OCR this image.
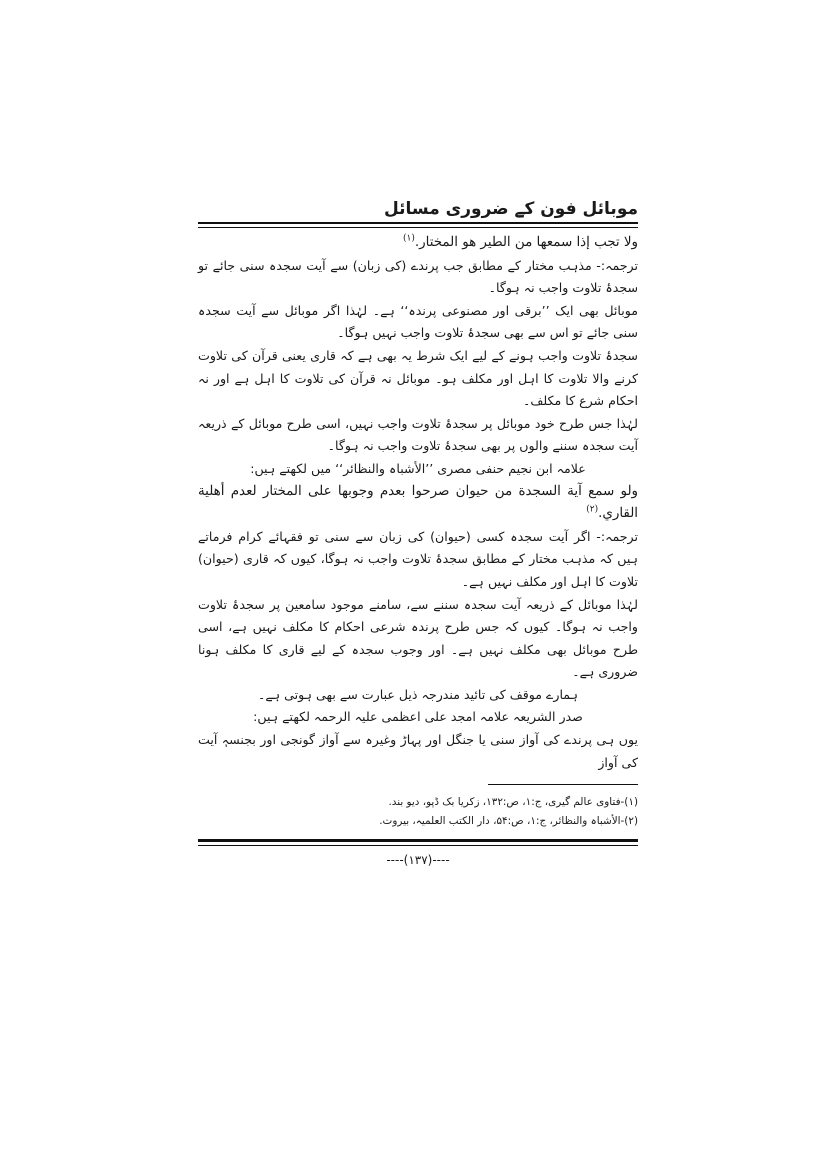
موبائل فون کے ضروری مسائل

ولا تجب إذا سمعها من الطیر هو المختار.$^{(۱)}$

ترجمہ:- مذہب مختار کے مطابق جب پرندے (کی زبان) سے آیت سجدہ سنی جائے تو سجدۂ تلاوت واجب نہ ہوگا۔

موبائل بھی ایک ’’برقی اور مصنوعی پرندہ‘‘ ہے۔ لہٰذا اگر موبائل سے آیت سجدہ سنی جائے تو اس سے بھی سجدۂ تلاوت واجب نہیں ہوگا۔

سجدۂ تلاوت واجب ہونے کے لیے ایک شرط یہ بھی ہے کہ قاری یعنی قرآن کی تلاوت کرنے والا تلاوت کا اہل اور مکلف ہو۔ موبائل نہ قرآن کی تلاوت کا اہل ہے اور نہ احکام شرع کا مکلف۔

لہٰذا جس طرح خود موبائل پر سجدۂ تلاوت واجب نہیں، اسی طرح موبائل کے ذریعہ آیت سجدہ سننے والوں پر بھی سجدۂ تلاوت واجب نہ ہوگا۔

علامہ ابن نجیم حنفی مصری ’’الأشباہ والنظائر‘‘ میں لکھتے ہیں:

ولو سمع آیة السجدة من حیوان صرحوا بعدم وجوبها علی المختار لعدم أهلیة القاري.$^{(۲)}$

ترجمہ:- اگر آیت سجدہ کسی (حیوان) کی زبان سے سنی تو فقہائے کرام فرماتے ہیں کہ مذہب مختار کے مطابق سجدۂ تلاوت واجب نہ ہوگا، کیوں کہ قاری (حیوان) تلاوت کا اہل اور مکلف نہیں ہے۔

لہٰذا موبائل کے ذریعہ آیت سجدہ سننے سے، سامنے موجود سامعین پر سجدۂ تلاوت واجب نہ ہوگا۔ کیوں کہ جس طرح پرندہ شرعی احکام کا مکلف نہیں ہے، اسی طرح موبائل بھی مکلف نہیں ہے۔ اور وجوب سجدہ کے لیے قاری کا مکلف ہونا ضروری ہے۔

ہمارے موقف کی تائید مندرجہ ذیل عبارت سے بھی ہوتی ہے۔

صدر الشریعہ علامہ امجد علی اعظمی علیہ الرحمہ لکھتے ہیں:

یوں ہی پرندے کی آواز سنی یا جنگل اور پہاڑ وغیرہ سے آواز گونجی اور بجنسہٖ آیت کی آواز

(۱)-فتاوی عالم گیری، ج:۱، ص:۱۳۲، زکریا بک ڈپو، دیو بند.

(۲)-الأشباہ والنظائر، ج:۱، ص:۵۴، دار الکتب العلمیہ، بیروت.

----(۱۳۷)----
